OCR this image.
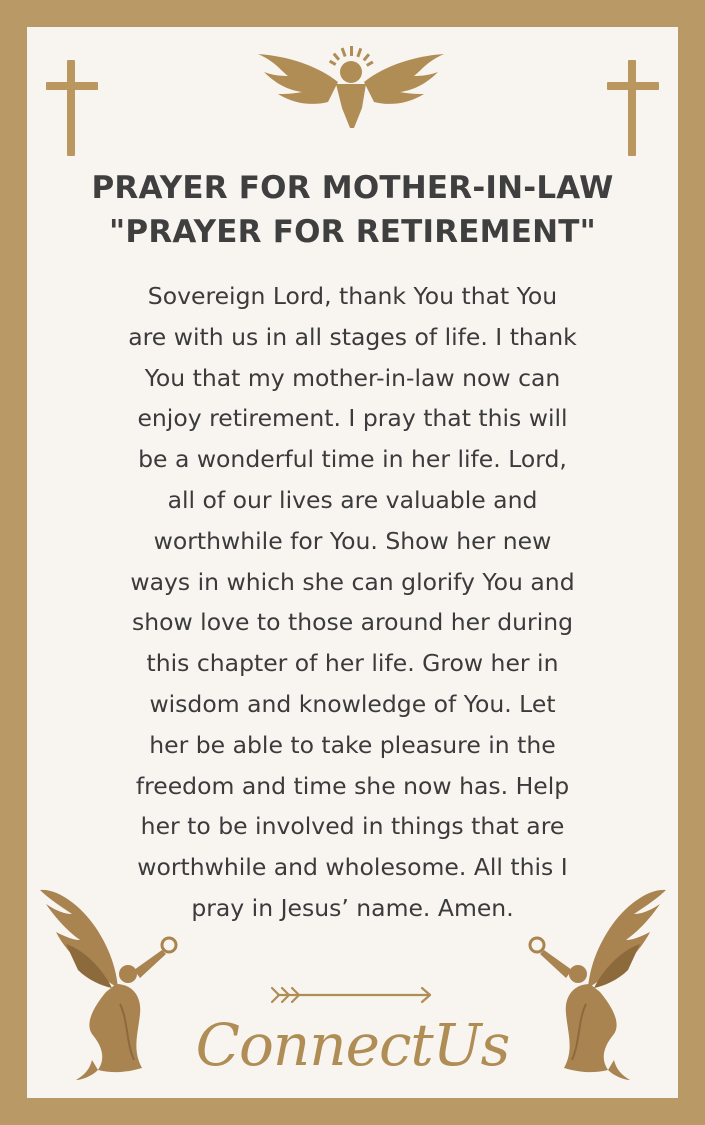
PRAYER FOR MOTHER-IN-LAW
"PRAYER FOR RETIREMENT"
Sovereign Lord, thank You that You
are with us in all stages of life. I thank
You that my mother-in-law now can
enjoy retirement. I pray that this will
be a wonderful time in her life. Lord,
all of our lives are valuable and
worthwhile for You. Show her new
ways in which she can glorify You and
show love to those around her during
this chapter of her life. Grow her in
wisdom and knowledge of You. Let
her be able to take pleasure in the
freedom and time she now has. Help
her to be involved in things that are
worthwhile and wholesome. All this I
pray in Jesus’ name. Amen.
ConnectUs
